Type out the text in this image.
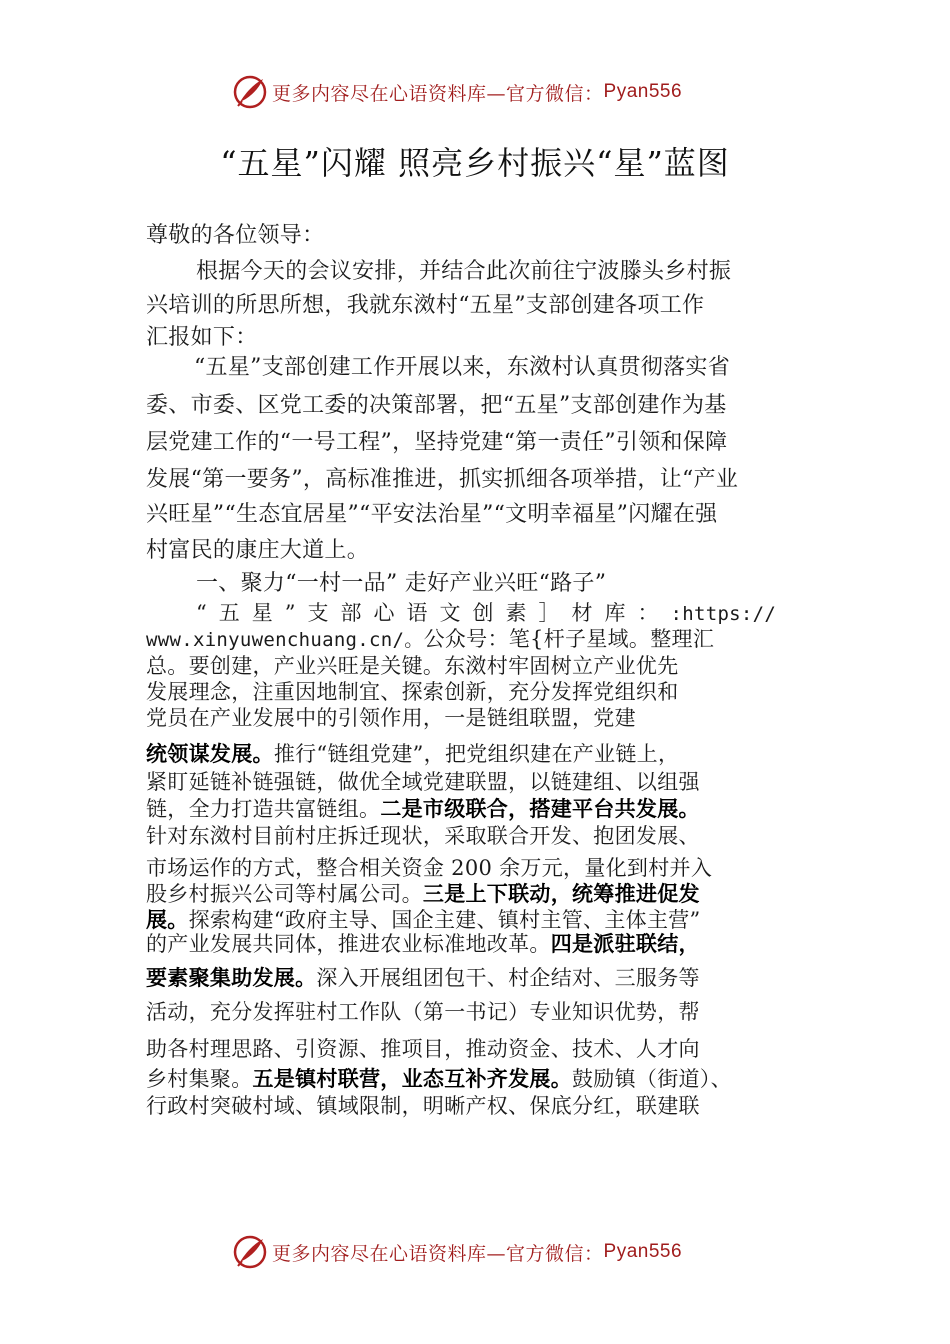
更多内容尽在心语资料库—官方微信： Pyan556
“五星”闪耀 照亮乡村振兴“星”蓝图
尊敬的各位领导：
根据今天的会议安排，并结合此次前往宁波滕头乡村振
兴培训的所思所想，我就东滧村“五星”支部创建各项工作
汇报如下：
“五星”支部创建工作开展以来，东滧村认真贯彻落实省
委、市委、区党工委的决策部署，把“五星”支部创建作为基
层党建工作的“一号工程”，坚持党建“第一责任”引领和保障
发展“第一要务”，高标准推进，抓实抓细各项举措，让“产业
兴旺星”“生态宜居星”“平安法治星”“文明幸福星”闪耀在强
村富民的康庄大道上。
一、聚力“一村一品” 走好产业兴旺“路子”
“五星”支部心语文创素］材库：:https://
www.xinyuwenchuang.cn/。公众号：笔{杆子星域。整理汇
总。要创建，产业兴旺是关键。东滧村牢固树立产业优先
发展理念，注重因地制宜、探索创新，充分发挥党组织和
党员在产业发展中的引领作用，一是链组联盟，党建
统领谋发展。推行“链组党建”，把党组织建在产业链上，
紧盯延链补链强链，做优全域党建联盟，以链建组、以组强
链，全力打造共富链组。二是市级联合，搭建平台共发展。
针对东滧村目前村庄拆迁现状，采取联合开发、抱团发展、
市场运作的方式，整合相关资金 200 余万元，量化到村并入
股乡村振兴公司等村属公司。三是上下联动，统筹推进促发
展。探索构建“政府主导、国企主建、镇村主管、主体主营”
的产业发展共同体，推进农业标准地改革。四是派驻联结，
要素聚集助发展。深入开展组团包干、村企结对、三服务等
活动，充分发挥驻村工作队（第一书记）专业知识优势，帮
助各村理思路、引资源、推项目，推动资金、技术、人才向
乡村集聚。五是镇村联营，业态互补齐发展。鼓励镇（街道）、
行政村突破村域、镇域限制，明晰产权、保底分红，联建联
更多内容尽在心语资料库—官方微信： Pyan556
